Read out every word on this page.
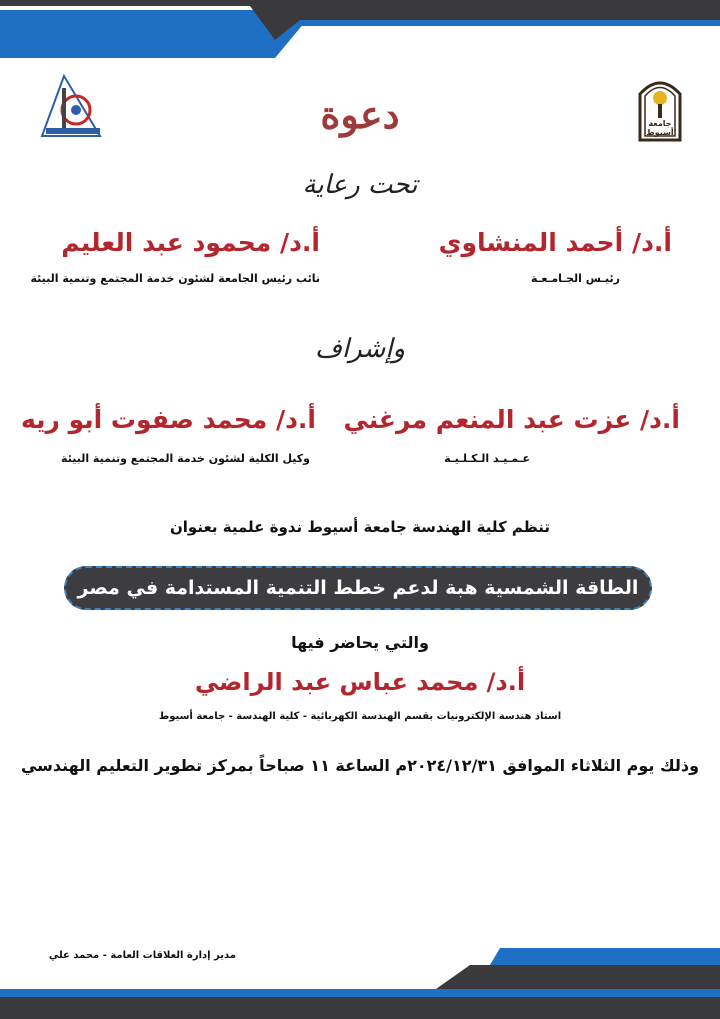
جامعة أسيوط
دعوة
تحت رعاية
أ.د/ أحمد المنشاوي
رئيـس الجـامـعـة
أ.د/ محمود عبد العليم
نائب رئيس الجامعة لشئون خدمة المجتمع وتنمية البيئة
وإشراف
أ.د/ عزت عبد المنعم مرغني
عـمـيـد الـكـلـيـة
أ.د/ محمد صفوت أبو ريه
وكيل الكلية لشئون خدمة المجتمع وتنمية البيئة
تنظم كلية الهندسة جامعة أسيوط ندوة علمية بعنوان
الطاقة الشمسية هبة لدعم خطط التنمية المستدامة في مصر
والتي يحاضر فيها
أ.د/ محمد عباس عبد الراضي
استاذ هندسة الإلكترونيات بقسم الهندسة الكهربائية - كلية الهندسة - جامعة أسيوط
وذلك يوم الثلاثاء الموافق ٢٠٢٤/١٢/٣١م الساعة ١١ صباحاً بمركز تطوير التعليم الهندسي
مدير إدارة العلاقات العامة - محمد علي
